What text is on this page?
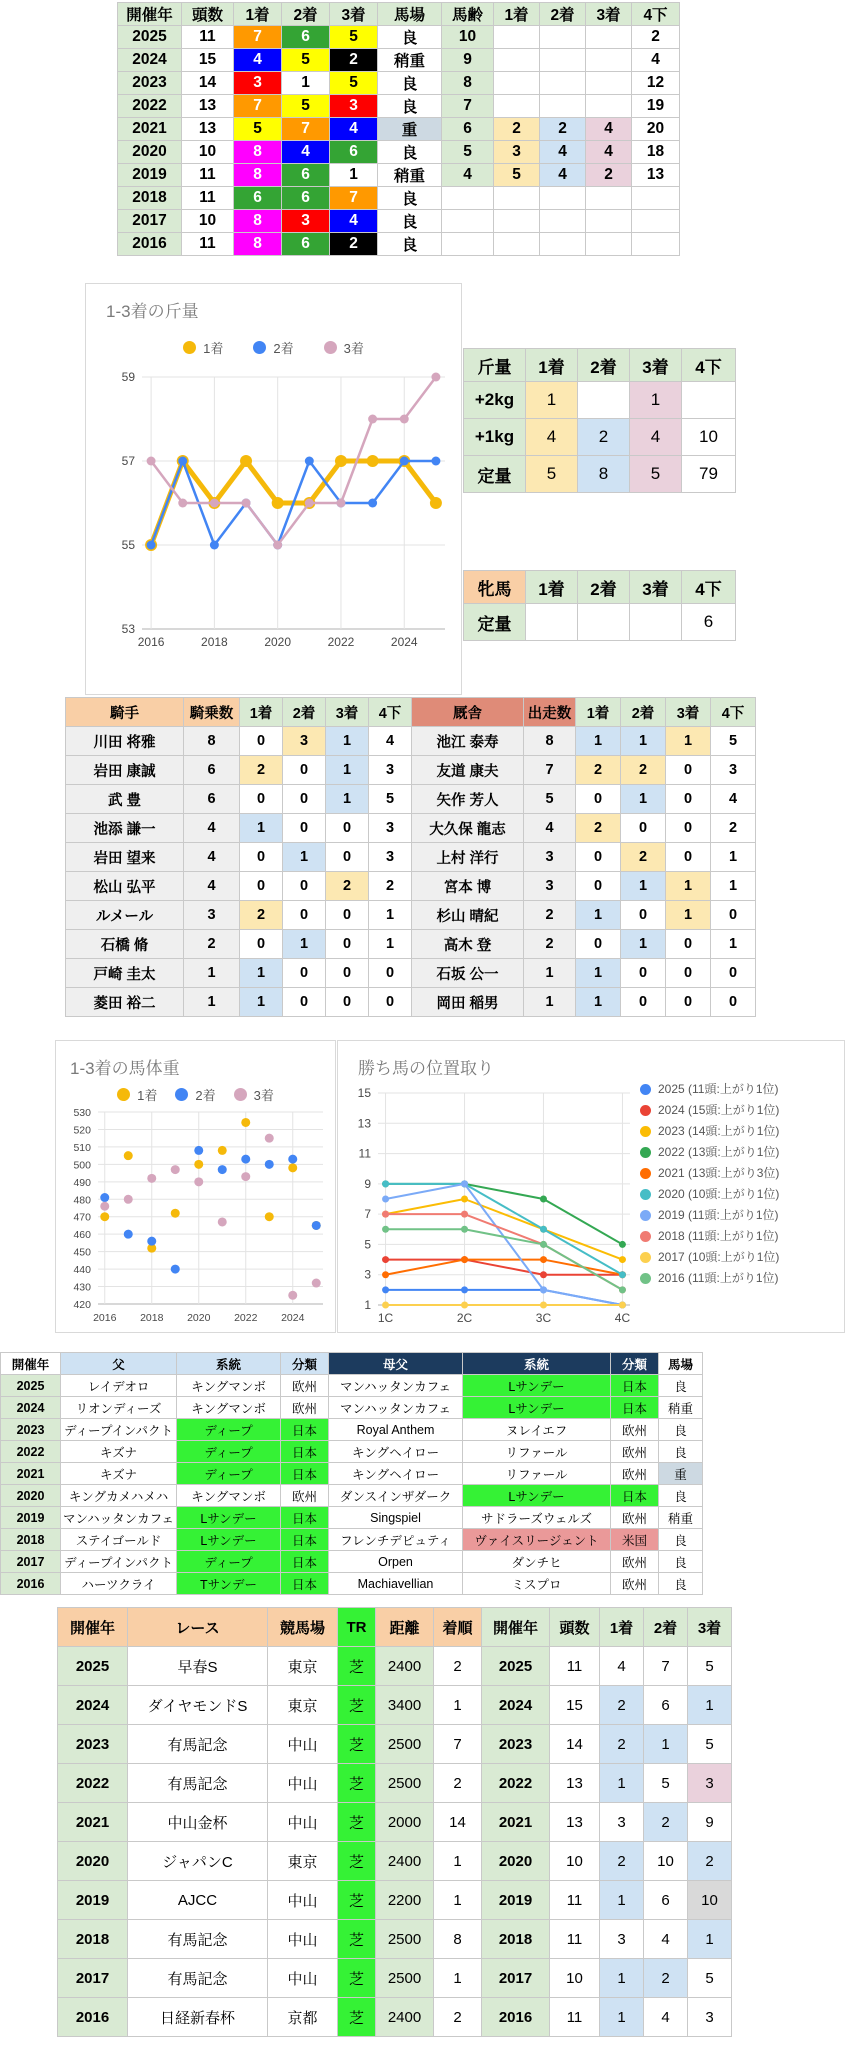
開催年	頭数	1着	2着	3着	馬場	馬齢	1着	2着	3着	4下
2025	11	7	6	5	良	10				2
2024	15	4	5	2	稍重	9				4
2023	14	3	1	5	良	8				12
2022	13	7	5	3	良	7				19
2021	13	5	7	4	重	6	2	2	4	20
2020	10	8	4	6	良	5	3	4	4	18
2019	11	8	6	1	稍重	4	5	4	2	13
2018	11	6	6	7	良					
2017	10	8	3	4	良					
2016	11	8	6	2	良					
1-3着の斤量
1着	2着	3着
53
55
57
59
2016	2018	2020	2022	2024
斤量	1着	2着	3着	4下
+2kg	1		1	
+1kg	4	2	4	10
定量	5	8	5	79
牝馬	1着	2着	3着	4下
定量				6
騎手	騎乗数	1着	2着	3着	4下	厩舎	出走数	1着	2着	3着	4下
川田 将雅	8	0	3	1	4	池江 泰寿	8	1	1	1	5
岩田 康誠	6	2	0	1	3	友道 康夫	7	2	2	0	3
武 豊	6	0	0	1	5	矢作 芳人	5	0	1	0	4
池添 謙一	4	1	0	0	3	大久保 龍志	4	2	0	0	2
岩田 望来	4	0	1	0	3	上村 洋行	3	0	2	0	1
松山 弘平	4	0	0	2	2	宮本 博	3	0	1	1	1
ルメール	3	2	0	0	1	杉山 晴紀	2	1	0	1	0
石橋 脩	2	0	1	0	1	高木 登	2	0	1	0	1
戸崎 圭太	1	1	0	0	0	石坂 公一	1	1	0	0	0
菱田 裕二	1	1	0	0	0	岡田 稲男	1	1	0	0	0
1-3着の馬体重
1着	2着	3着
420
430
440
450
460
470
480
490
500
510
520
530
2016 2018 2020 2022 2024
勝ち馬の位置取り
1
3
5
7
9
11
13
15
1C	2C	3C	4C
2025 (11頭:上がり1位)
2024 (15頭:上がり1位)
2023 (14頭:上がり1位)
2022 (13頭:上がり1位)
2021 (13頭:上がり3位)
2020 (10頭:上がり1位)
2019 (11頭:上がり1位)
2018 (11頭:上がり1位)
2017 (10頭:上がり1位)
2016 (11頭:上がり1位)
開催年	父	系統	分類	母父	系統	分類	馬場
2025	レイデオロ	キングマンボ	欧州	マンハッタンカフェ	Lサンデー	日本	良
2024	リオンディーズ	キングマンボ	欧州	マンハッタンカフェ	Lサンデー	日本	稍重
2023	ディープインパクト	ディープ	日本	Royal Anthem	ヌレイエフ	欧州	良
2022	キズナ	ディープ	日本	キングヘイロー	リファール	欧州	良
2021	キズナ	ディープ	日本	キングヘイロー	リファール	欧州	重
2020	キングカメハメハ	キングマンボ	欧州	ダンスインザダーク	Lサンデー	日本	良
2019	マンハッタンカフェ	Lサンデー	日本	Singspiel	サドラーズウェルズ	欧州	稍重
2018	ステイゴールド	Lサンデー	日本	フレンチデピュティ	ヴァイスリージェント	米国	良
2017	ディープインパクト	ディープ	日本	Orpen	ダンチヒ	欧州	良
2016	ハーツクライ	Tサンデー	日本	Machiavellian	ミスプロ	欧州	良
開催年	レース	競馬場	TR	距離	着順	開催年	頭数	1着	2着	3着
2025	早春S	東京	芝	2400	2	2025	11	4	7	5
2024	ダイヤモンドS	東京	芝	3400	1	2024	15	2	6	1
2023	有馬記念	中山	芝	2500	7	2023	14	2	1	5
2022	有馬記念	中山	芝	2500	2	2022	13	1	5	3
2021	中山金杯	中山	芝	2000	14	2021	13	3	2	9
2020	ジャパンC	東京	芝	2400	1	2020	10	2	10	2
2019	AJCC	中山	芝	2200	1	2019	11	1	6	10
2018	有馬記念	中山	芝	2500	8	2018	11	3	4	1
2017	有馬記念	中山	芝	2500	1	2017	10	1	2	5
2016	日経新春杯	京都	芝	2400	2	2016	11	1	4	3
